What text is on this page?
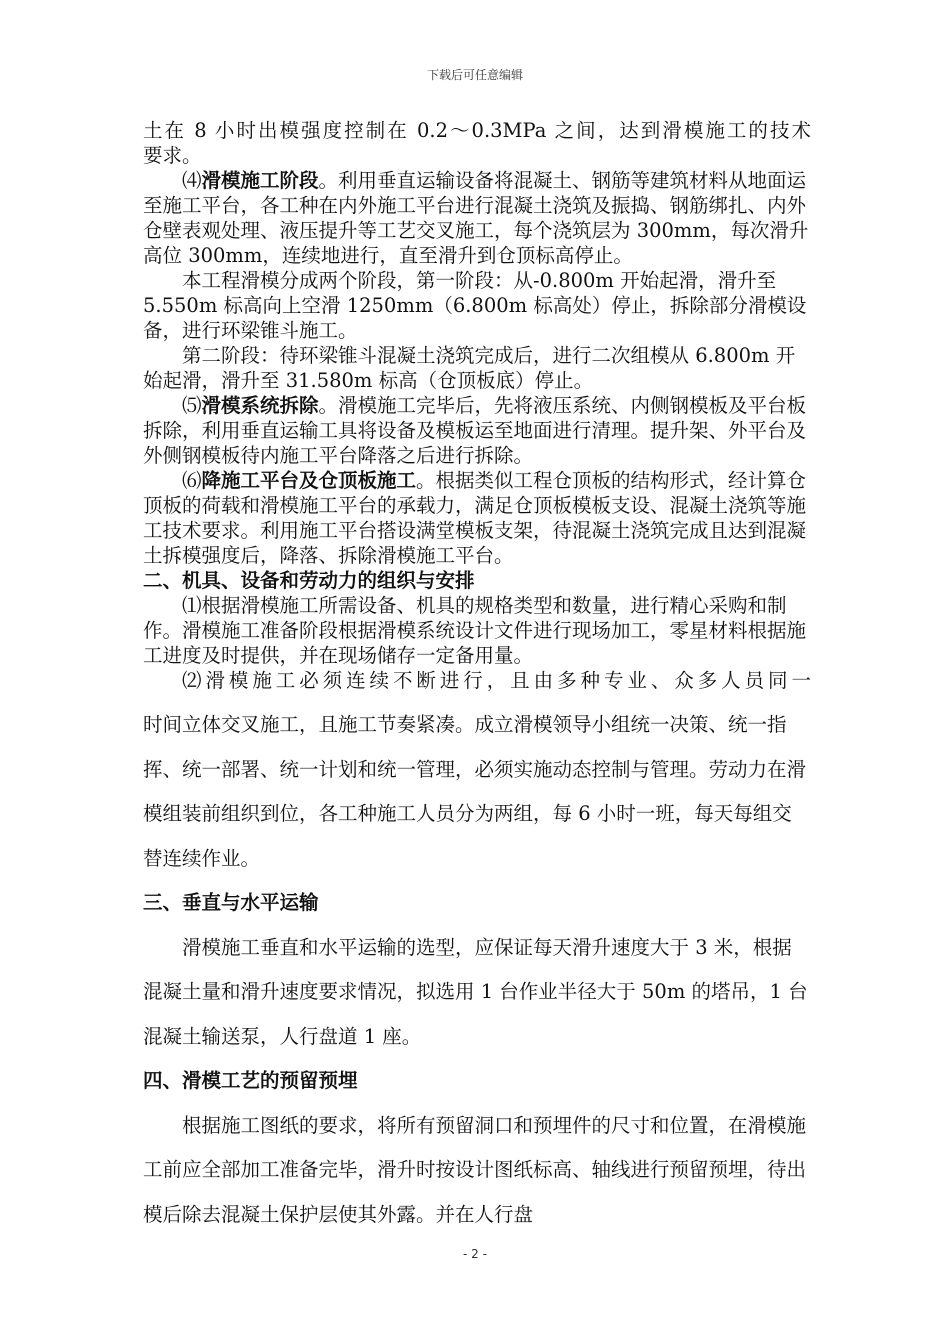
下载后可任意编辑

土在 8 小时出模强度控制在 0.2～0.3MPa 之间，达到滑模施工的技术

要求。

⑷滑模施工阶段。利用垂直运输设备将混凝土、钢筋等建筑材料从地面运至施工平台，各工种在内外施工平台进行混凝土浇筑及振捣、钢筋绑扎、内外仓壁表观处理、液压提升等工艺交叉施工，每个浇筑层为 300mm，每次滑升高位 300mm，连续地进行，直至滑升到仓顶标高停止。

本工程滑模分成两个阶段，第一阶段：从-0.800m 开始起滑，滑升至 5.550m 标高向上空滑 1250mm（6.800m 标高处）停止，拆除部分滑模设备，进行环梁锥斗施工。

第二阶段：待环梁锥斗混凝土浇筑完成后，进行二次组模从 6.800m 开始起滑，滑升至 31.580m 标高（仓顶板底）停止。

⑸滑模系统拆除。滑模施工完毕后，先将液压系统、内侧钢模板及平台板拆除，利用垂直运输工具将设备及模板运至地面进行清理。提升架、外平台及外侧钢模板待内施工平台降落之后进行拆除。

⑹降施工平台及仓顶板施工。根据类似工程仓顶板的结构形式，经计算仓顶板的荷载和滑模施工平台的承载力，满足仓顶板模板支设、混凝土浇筑等施工技术要求。利用施工平台搭设满堂模板支架，待混凝土浇筑完成且达到混凝土拆模强度后，降落、拆除滑模施工平台。

二、机具、设备和劳动力的组织与安排

⑴根据滑模施工所需设备、机具的规格类型和数量，进行精心采购和制作。滑模施工准备阶段根据滑模系统设计文件进行现场加工，零星材料根据施工进度及时提供，并在现场储存一定备用量。

⑵滑模施工必须连续不断进行，且由多种专业、众多人员同一

时间立体交叉施工，且施工节奏紧凑。成立滑模领导小组统一决策、统一指挥、统一部署、统一计划和统一管理，必须实施动态控制与管理。劳动力在滑模组装前组织到位，各工种施工人员分为两组，每 6 小时一班，每天每组交替连续作业。

三、垂直与水平运输

滑模施工垂直和水平运输的选型，应保证每天滑升速度大于 3 米，根据混凝土量和滑升速度要求情况，拟选用 1 台作业半径大于 50m 的塔吊，1 台混凝土输送泵，人行盘道 1 座。

四、滑模工艺的预留预埋

根据施工图纸的要求，将所有预留洞口和预埋件的尺寸和位置，在滑模施工前应全部加工准备完毕，滑升时按设计图纸标高、轴线进行预留预埋，待出模后除去混凝土保护层使其外露。并在人行盘

- 2 -
